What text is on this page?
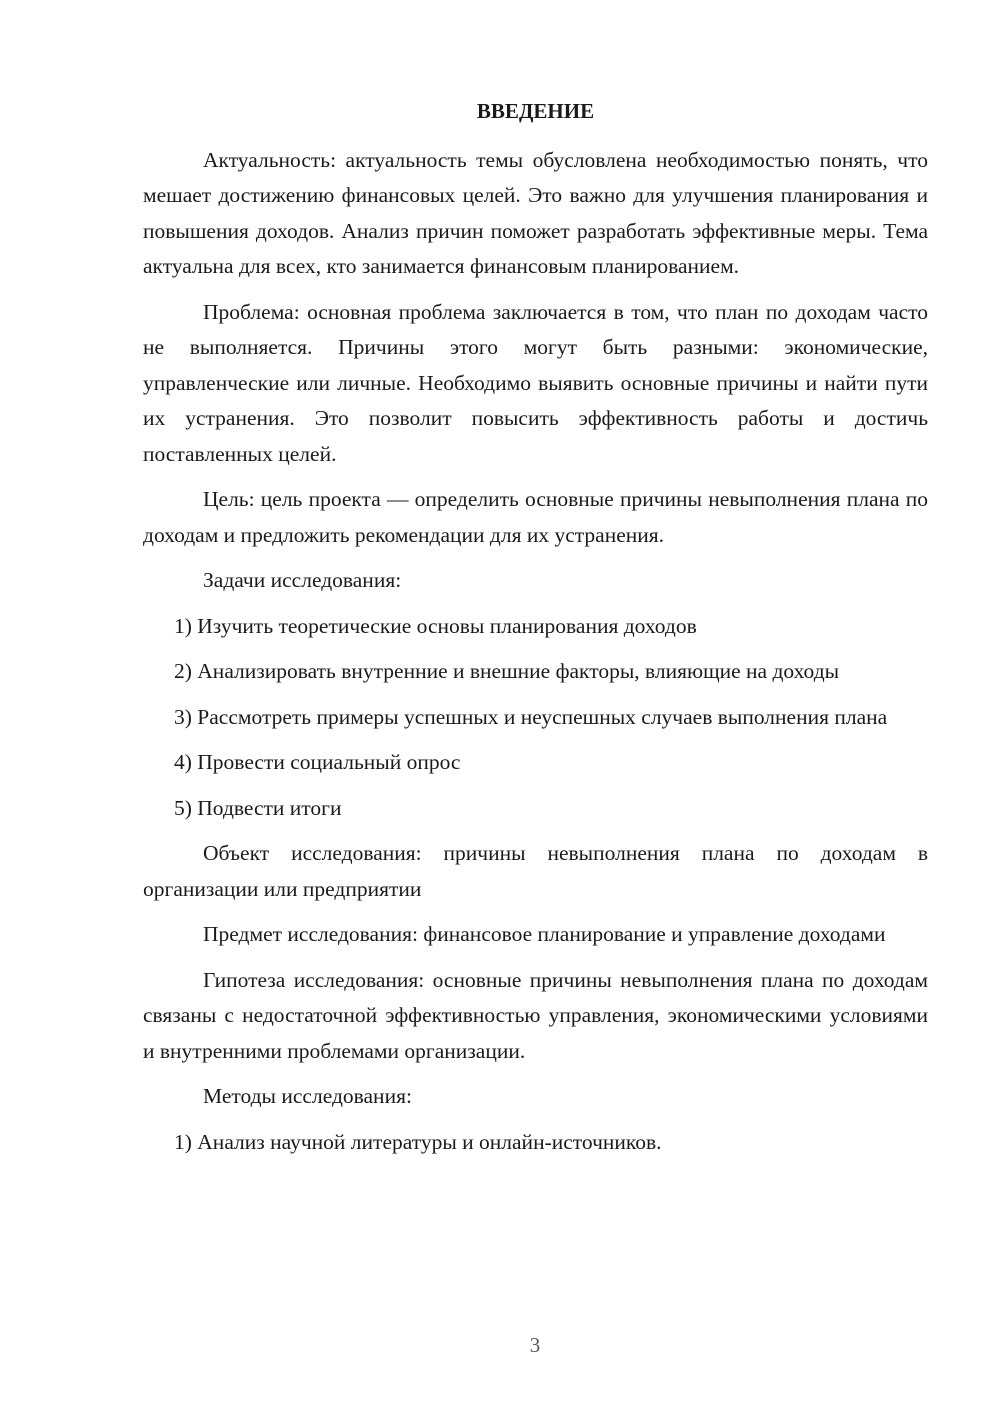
ВВЕДЕНИЕ

Актуальность: актуальность темы обусловлена необходимостью понять, что мешает достижению финансовых целей. Это важно для улучшения планирования и повышения доходов. Анализ причин поможет разработать эффективные меры. Тема актуальна для всех, кто занимается финансовым планированием.

Проблема: основная проблема заключается в том, что план по доходам часто не выполняется. Причины этого могут быть разными: экономические, управленческие или личные. Необходимо выявить основные причины и найти пути их устранения. Это позволит повысить эффективность работы и достичь поставленных целей.

Цель: цель проекта — определить основные причины невыполнения плана по доходам и предложить рекомендации для их устранения.

Задачи исследования:

1) Изучить теоретические основы планирования доходов

2) Анализировать внутренние и внешние факторы, влияющие на доходы

3) Рассмотреть примеры успешных и неуспешных случаев выполнения плана

4) Провести социальный опрос

5) Подвести итоги

Объект исследования: причины невыполнения плана по доходам в организации или предприятии

Предмет исследования: финансовое планирование и управление доходами

Гипотеза исследования: основные причины невыполнения плана по доходам связаны с недостаточной эффективностью управления, экономическими условиями и внутренними проблемами организации.

Методы исследования:

1) Анализ научной литературы и онлайн-источников.

3
